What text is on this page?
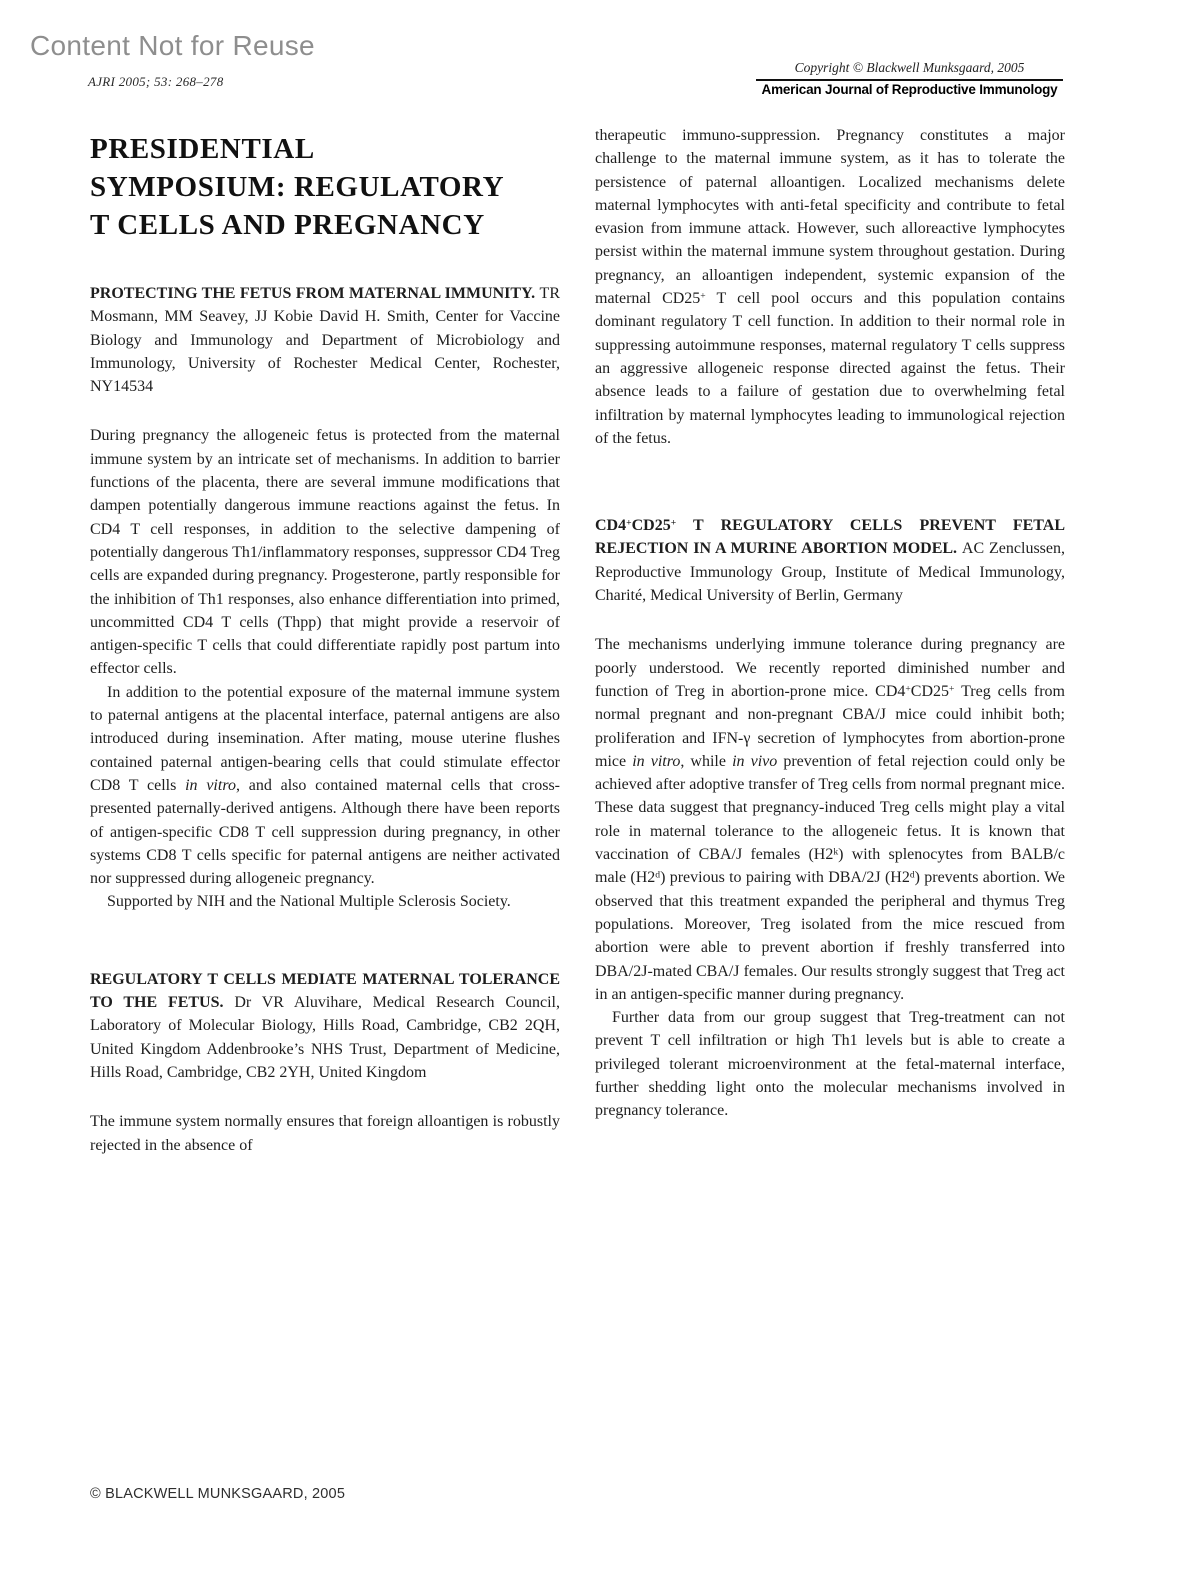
Content Not for Reuse
AJRI 2005; 53: 268–278
Copyright © Blackwell Munksgaard, 2005
American Journal of Reproductive Immunology
PRESIDENTIAL
SYMPOSIUM: REGULATORY
T CELLS AND PREGNANCY

PROTECTING THE FETUS FROM MATERNAL IMMUNITY. TR Mosmann, MM Seavey, JJ Kobie David H. Smith, Center for Vaccine Biology and Immunology and Department of Microbiology and Immunology, University of Rochester Medical Center, Rochester, NY14534

During pregnancy the allogeneic fetus is protected from the maternal immune system by an intricate set of mechanisms. In addition to barrier functions of the placenta, there are several immune modifications that dampen potentially dangerous immune reactions against the fetus. In CD4 T cell responses, in addition to the selective dampening of potentially dangerous Th1/inflammatory responses, suppressor CD4 Treg cells are expanded during pregnancy. Progesterone, partly responsible for the inhibition of Th1 responses, also enhance differentiation into primed, uncommitted CD4 T cells (Thpp) that might provide a reservoir of antigen-specific T cells that could differentiate rapidly post partum into effector cells.

In addition to the potential exposure of the maternal immune system to paternal antigens at the placental interface, paternal antigens are also introduced during insemination. After mating, mouse uterine flushes contained paternal antigen-bearing cells that could stimulate effector CD8 T cells in vitro, and also contained maternal cells that cross-presented paternally-derived antigens. Although there have been reports of antigen-specific CD8 T cell suppression during pregnancy, in other systems CD8 T cells specific for paternal antigens are neither activated nor suppressed during allogeneic pregnancy.

Supported by NIH and the National Multiple Sclerosis Society.

REGULATORY T CELLS MEDIATE MATERNAL TOLERANCE TO THE FETUS. Dr VR Aluvihare, Medical Research Council, Laboratory of Molecular Biology, Hills Road, Cambridge, CB2 2QH, United Kingdom Addenbrooke’s NHS Trust, Department of Medicine, Hills Road, Cambridge, CB2 2YH, United Kingdom

The immune system normally ensures that foreign alloantigen is robustly rejected in the absence of

therapeutic immuno-suppression. Pregnancy constitutes a major challenge to the maternal immune system, as it has to tolerate the persistence of paternal alloantigen. Localized mechanisms delete maternal lymphocytes with anti-fetal specificity and contribute to fetal evasion from immune attack. However, such alloreactive lymphocytes persist within the maternal immune system throughout gestation. During pregnancy, an alloantigen independent, systemic expansion of the maternal CD25+ T cell pool occurs and this population contains dominant regulatory T cell function. In addition to their normal role in suppressing autoimmune responses, maternal regulatory T cells suppress an aggressive allogeneic response directed against the fetus. Their absence leads to a failure of gestation due to overwhelming fetal infiltration by maternal lymphocytes leading to immunological rejection of the fetus.

CD4+CD25+ T REGULATORY CELLS PREVENT FETAL REJECTION IN A MURINE ABORTION MODEL. AC Zenclussen, Reproductive Immunology Group, Institute of Medical Immunology, Charité, Medical University of Berlin, Germany

The mechanisms underlying immune tolerance during pregnancy are poorly understood. We recently reported diminished number and function of Treg in abortion-prone mice. CD4+CD25+ Treg cells from normal pregnant and non-pregnant CBA/J mice could inhibit both; proliferation and IFN-γ secretion of lymphocytes from abortion-prone mice in vitro, while in vivo prevention of fetal rejection could only be achieved after adoptive transfer of Treg cells from normal pregnant mice. These data suggest that pregnancy-induced Treg cells might play a vital role in maternal tolerance to the allogeneic fetus. It is known that vaccination of CBA/J females (H2$^k$) with splenocytes from BALB/c male (H2$^d$) previous to pairing with DBA/2J (H2$^d$) prevents abortion. We observed that this treatment expanded the peripheral and thymus Treg populations. Moreover, Treg isolated from the mice rescued from abortion were able to prevent abortion if freshly transferred into DBA/2J-mated CBA/J females. Our results strongly suggest that Treg act in an antigen-specific manner during pregnancy.

Further data from our group suggest that Treg-treatment can not prevent T cell infiltration or high Th1 levels but is able to create a privileged tolerant microenvironment at the fetal-maternal interface, further shedding light onto the molecular mechanisms involved in pregnancy tolerance.

© BLACKWELL MUNKSGAARD, 2005
